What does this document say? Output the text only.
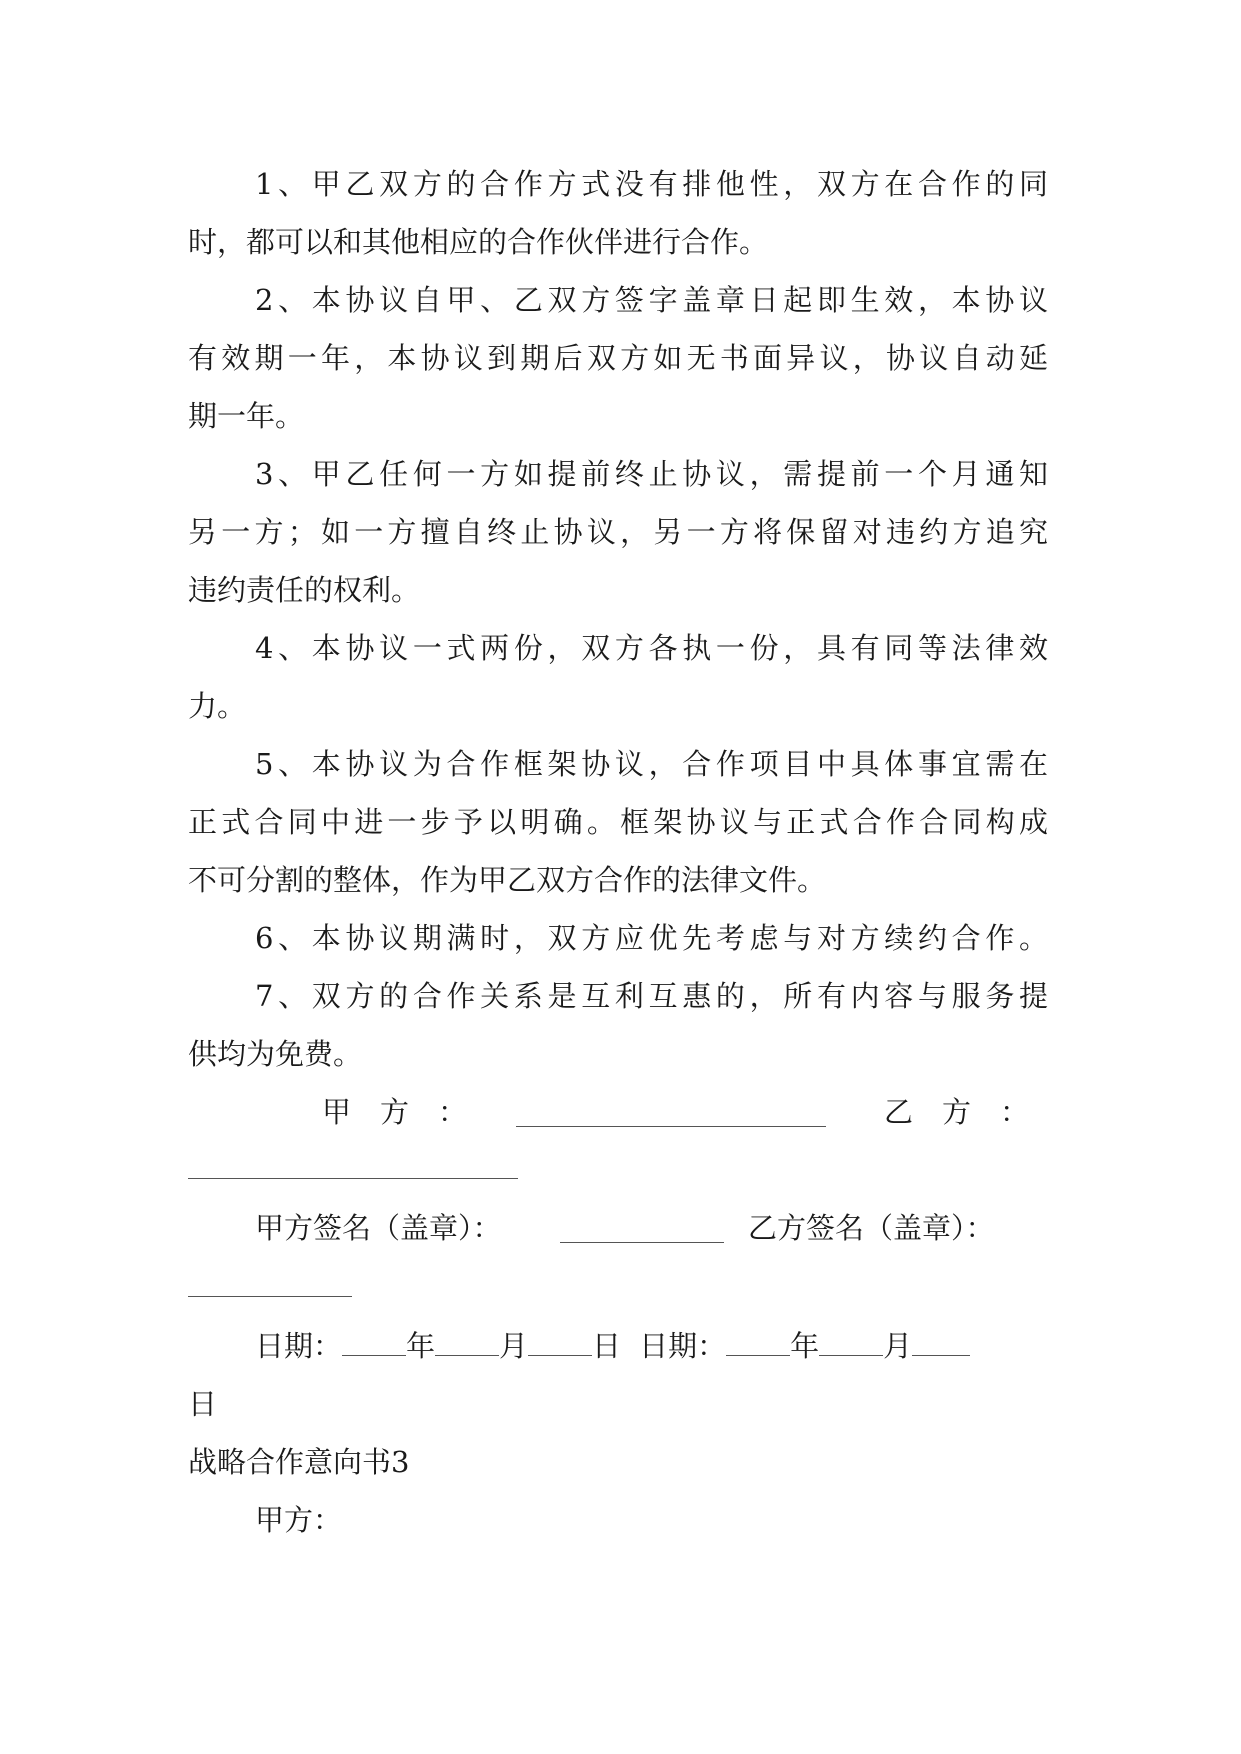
1、甲乙双方的合作方式没有排他性，双方在合作的同
时，都可以和其他相应的合作伙伴进行合作。
2、本协议自甲、乙双方签字盖章日起即生效，本协议
有效期一年，本协议到期后双方如无书面异议，协议自动延
期一年。
3、甲乙任何一方如提前终止协议，需提前一个月通知
另一方；如一方擅自终止协议，另一方将保留对违约方追究
违约责任的权利。
4、本协议一式两份，双方各执一份，具有同等法律效
力。
5、本协议为合作框架协议，合作项目中具体事宜需在
正式合同中进一步予以明确。框架协议与正式合作合同构成
不可分割的整体，作为甲乙双方合作的法律文件。
6、本协议期满时，双方应优先考虑与对方续约合作。
7、双方的合作关系是互利互惠的，所有内容与服务提
供均为免费。
甲　方　：	乙　方　：
甲方签名（盖章）：	乙方签名（盖章）：
日期： 年 月 日 日期： 年 月
日
战略合作意向书3
甲方：
